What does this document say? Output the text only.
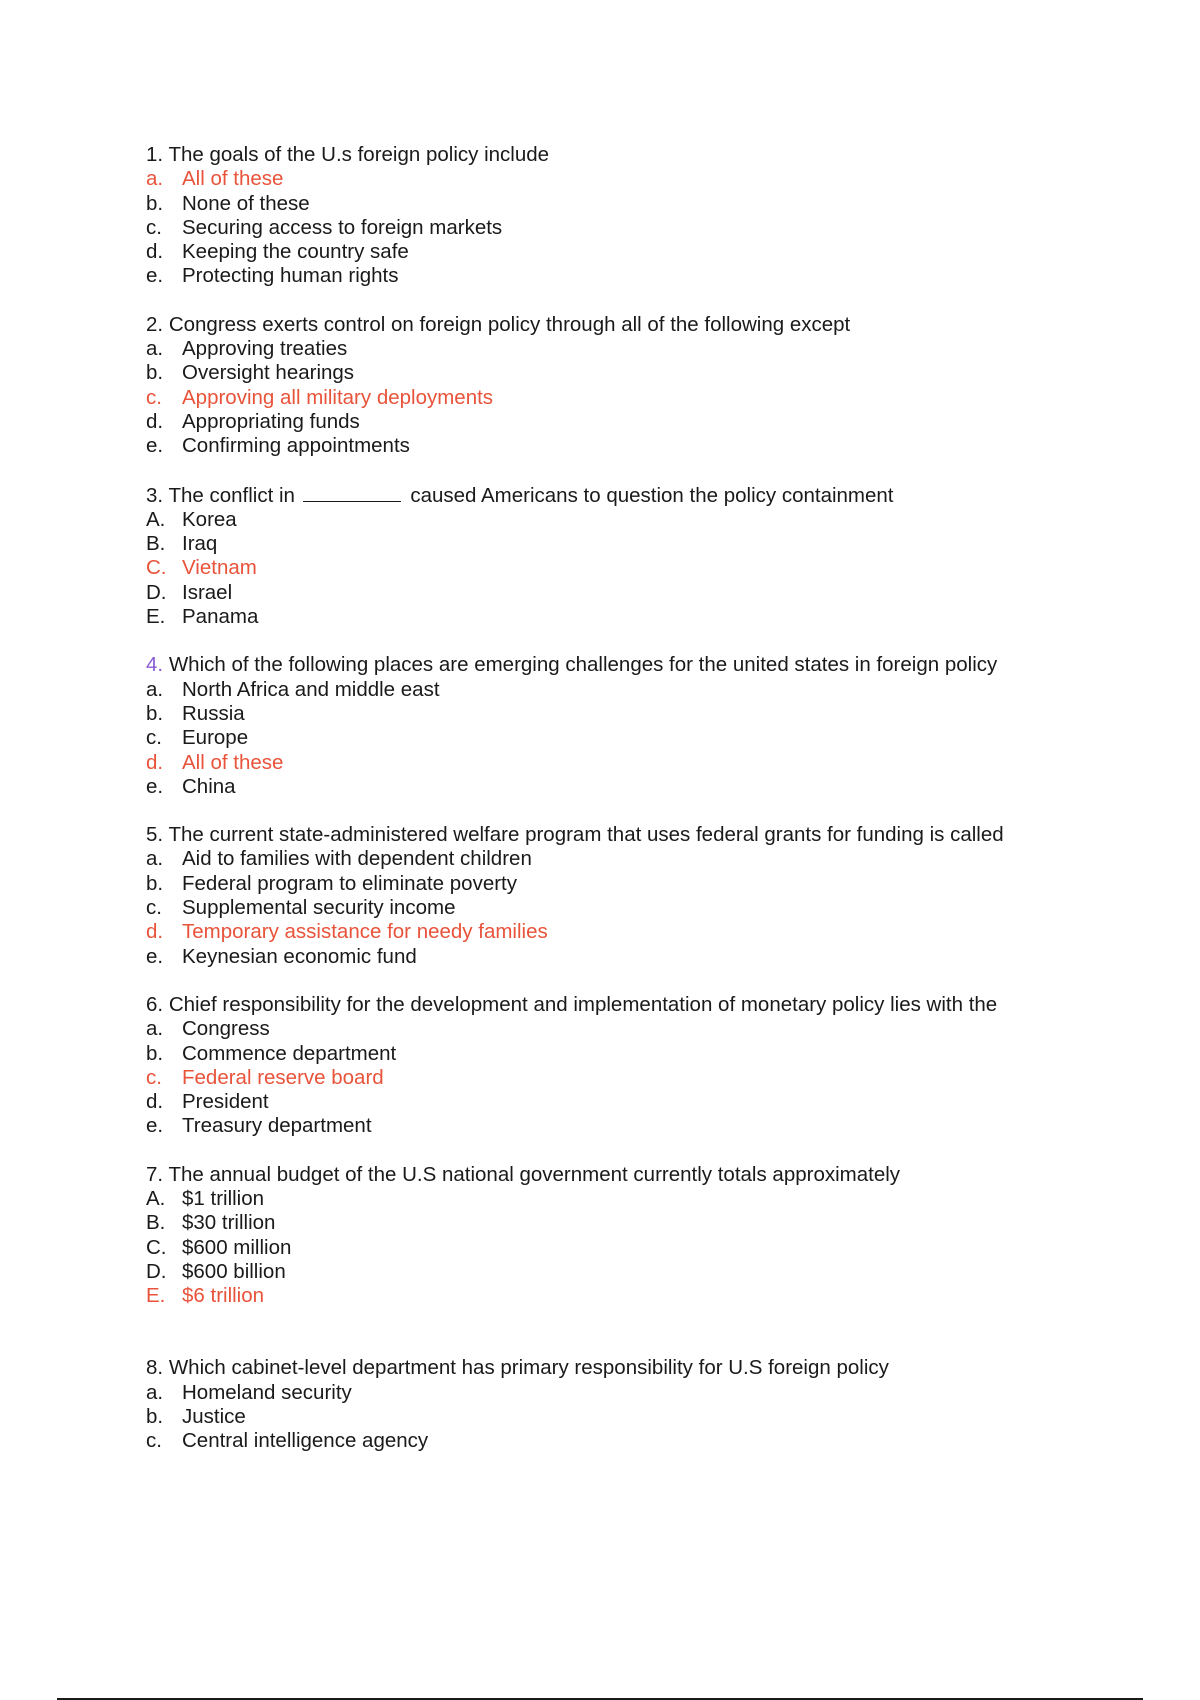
1. The goals of the U.s foreign policy include
a. All of these
b. None of these
c. Securing access to foreign markets
d. Keeping the country safe
e. Protecting human rights
2. Congress exerts control on foreign policy through all of the following except
a. Approving treaties
b. Oversight hearings
c. Approving all military deployments
d. Appropriating funds
e. Confirming appointments
3. The conflict in	caused Americans to question the policy containment
A. Korea
B. Iraq
C. Vietnam
D. Israel
E. Panama
4. Which of the following places are emerging challenges for the united states in foreign policy
a. North Africa and middle east
b. Russia
c. Europe
d. All of these
e. China
5. The current state-administered welfare program that uses federal grants for funding is called
a. Aid to families with dependent children
b. Federal program to eliminate poverty
c. Supplemental security income
d. Temporary assistance for needy families
e. Keynesian economic fund
6. Chief responsibility for the development and implementation of monetary policy lies with the
a. Congress
b. Commence department
c. Federal reserve board
d. President
e. Treasury department
7. The annual budget of the U.S national government currently totals approximately
A. $1 trillion
B. $30 trillion
C. $600 million
D. $600 billion
E. $6 trillion
8. Which cabinet-level department has primary responsibility for U.S foreign policy
a. Homeland security
b. Justice
c. Central intelligence agency
